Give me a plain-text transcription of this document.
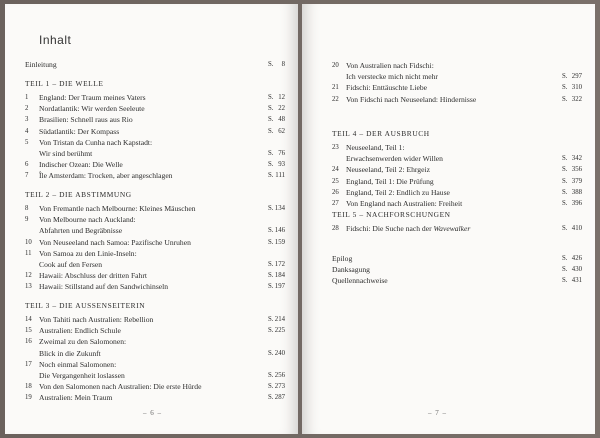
Inhalt
– 6 –
Einleitung	S.	8
TEIL 1 – DIE WELLE
1	England: Der Traum meines Vaters	S. 12
2	Nordatlantik: Wir werden Seeleute	S. 22
3	Brasilien: Schnell raus aus Rio	S. 48
4	Südatlantik: Der Kompass	S. 62
5	Von Tristan da Cunha nach Kapstadt:
Wir sind berühmt	S. 76
6	Indischer Ozean: Die Welle	S. 93
7	Île Amsterdam: Trocken, aber angeschlagen	S. 111
TEIL 2 – DIE ABSTIMMUNG
8	Von Fremantle nach Melbourne: Kleines Mäuschen	S. 134
9	Von Melbourne nach Auckland:
Abfahrten und Begräbnisse	S. 146
10 Von Neuseeland nach Samoa: Pazifische Unruhen	S. 159
11 Von Samoa zu den Linie-Inseln:
Cook auf den Fersen	S. 172
12 Hawaii: Abschluss der dritten Fahrt	S. 184
13 Hawaii: Stillstand auf den Sandwichinseln	S. 197
TEIL 3 – DIE AUSSENSEITERIN
14 Von Tahiti nach Australien: Rebellion	S. 214
15 Australien: Endlich Schule	S. 225
16 Zweimal zu den Salomonen:
Blick in die Zukunft	S. 240
17 Noch einmal Salomonen:
Die Vergangenheit loslassen	S. 256
18 Von den Salomonen nach Australien: Die erste Hürde	S. 273
19 Australien: Mein Traum	S. 287
– 7 –
20 Von Australien nach Fidschi:
Ich verstecke mich nicht mehr	S. 297
21 Fidschi: Enttäuschte Liebe	S. 310
22 Von Fidschi nach Neuseeland: Hindernisse	S. 322
TEIL 4 – DER AUSBRUCH
23 Neuseeland, Teil 1:
Erwachsenwerden wider Willen	S. 342
24 Neuseeland, Teil 2: Ehrgeiz	S. 356
25 England, Teil 1: Die Prüfung	S. 379
26 England, Teil 2: Endlich zu Hause	S. 388
27 Von England nach Australien: Freiheit	S. 396
TEIL 5 – NACHFORSCHUNGEN
28 Fidschi: Die Suche nach der Wavewalker	S. 410
Epilog	S. 426
Danksagung	S. 430
Quellennachweise	S. 431
